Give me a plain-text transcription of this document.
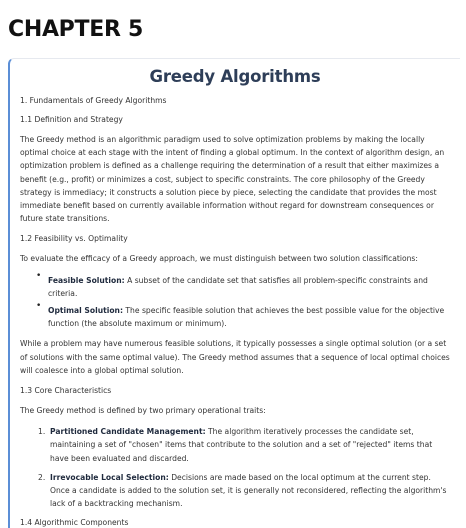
CHAPTER 5
Greedy Algorithms
1. Fundamentals of Greedy Algorithms
1.1 Definition and Strategy

The Greedy method is an algorithmic paradigm used to solve optimization problems by making the locally optimal choice at each stage with the intent of finding a global optimum. In the context of algorithm design, an optimization problem is defined as a challenge requiring the determination of a result that either maximizes a benefit (e.g., profit) or minimizes a cost, subject to specific constraints. The core philosophy of the Greedy strategy is immediacy; it constructs a solution piece by piece, selecting the candidate that provides the most immediate benefit based on currently available information without regard for downstream consequences or future state transitions.

1.2 Feasibility vs. Optimality

To evaluate the efficacy of a Greedy approach, we must distinguish between two solution classifications:

• Feasible Solution: A subset of the candidate set that satisfies all problem-specific constraints and criteria.
• Optimal Solution: The specific feasible solution that achieves the best possible value for the objective function (the absolute maximum or minimum).

While a problem may have numerous feasible solutions, it typically possesses a single optimal solution (or a set of solutions with the same optimal value). The Greedy method assumes that a sequence of local optimal choices will coalesce into a global optimal solution.

1.3 Core Characteristics

The Greedy method is defined by two primary operational traits:

1. Partitioned Candidate Management: The algorithm iteratively processes the candidate set, maintaining a set of "chosen" items that contribute to the solution and a set of "rejected" items that have been evaluated and discarded.
2. Irrevocable Local Selection: Decisions are made based on the local optimum at the current step. Once a candidate is added to the solution set, it is generally not reconsidered, reflecting the algorithm's lack of a backtracking mechanism.
1.4 Algorithmic Components
